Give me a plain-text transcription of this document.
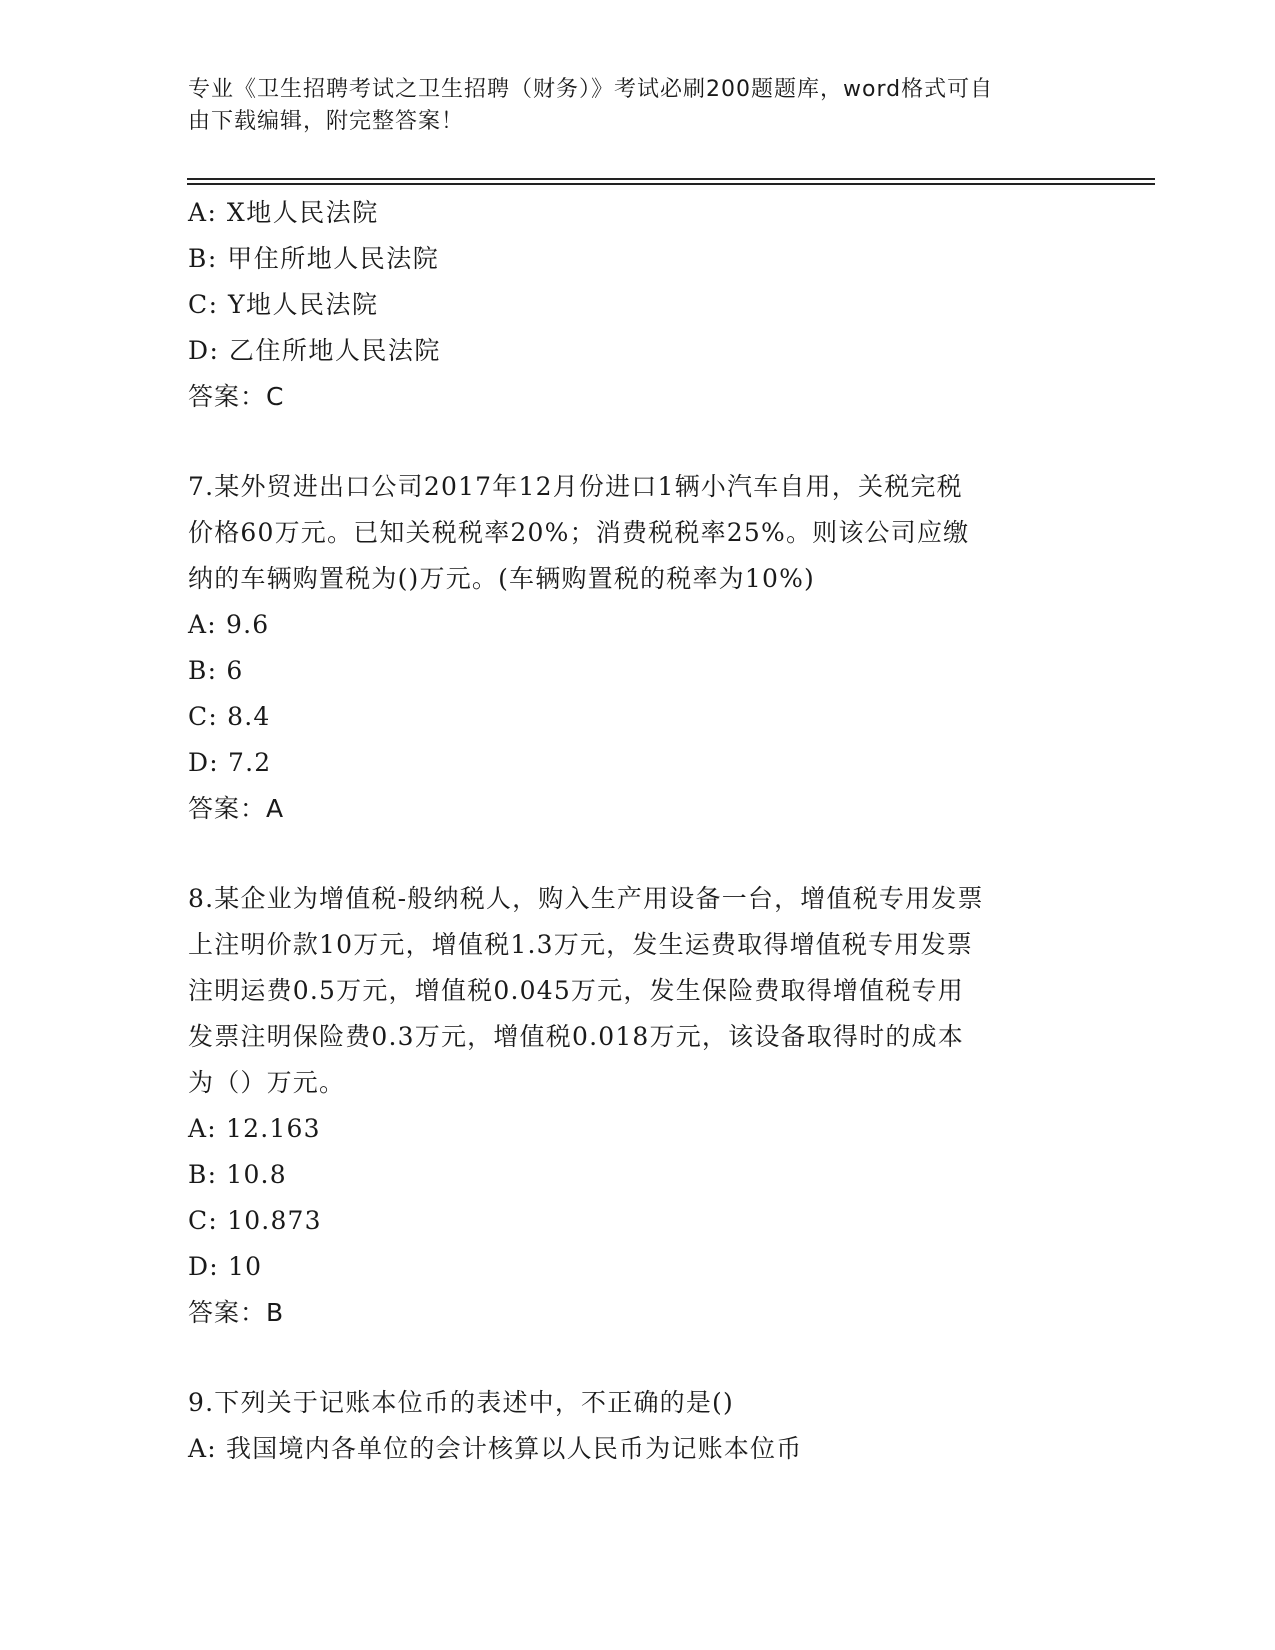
专业《卫生招聘考试之卫生招聘（财务）》考试必刷200题题库，word格式可自
由下载编辑，附完整答案！
A: X地人民法院
B: 甲住所地人民法院
C: Y地人民法院
D: 乙住所地人民法院
答案：C
7.某外贸进出口公司2017年12月份进口1辆小汽车自用，关税完税
价格60万元。已知关税税率20%；消费税税率25%。则该公司应缴
纳的车辆购置税为()万元。(车辆购置税的税率为10%)
A: 9.6
B: 6
C: 8.4
D: 7.2
答案：A
8.某企业为增值税-般纳税人，购入生产用设备一台，增值税专用发票
上注明价款10万元，增值税1.3万元，发生运费取得增值税专用发票
注明运费0.5万元，增值税0.045万元，发生保险费取得增值税专用
发票注明保险费0.3万元，增值税0.018万元，该设备取得时的成本
为（）万元。
A: 12.163
B: 10.8
C: 10.873
D: 10
答案：B
9.下列关于记账本位币的表述中，不正确的是()
A: 我国境内各单位的会计核算以人民币为记账本位币
